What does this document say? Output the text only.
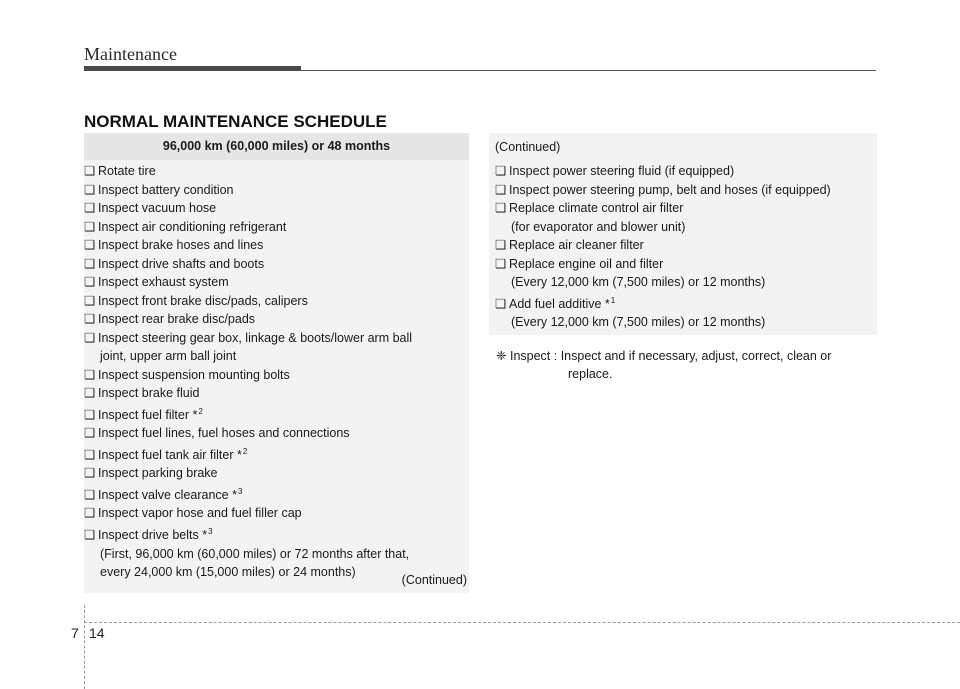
Maintenance
NORMAL MAINTENANCE SCHEDULE
96,000 km (60,000 miles) or 48 months
❑ Rotate tire
❑ Inspect battery condition
❑ Inspect vacuum hose
❑ Inspect air conditioning refrigerant
❑ Inspect brake hoses and lines
❑ Inspect drive shafts and boots
❑ Inspect exhaust system
❑ Inspect front brake disc/pads, calipers
❑ Inspect rear brake disc/pads
❑ Inspect steering gear box, linkage & boots/lower arm ball
joint, upper arm ball joint
❑ Inspect suspension mounting bolts
❑ Inspect brake fluid
❑ Inspect fuel filter *$^2$
❑ Inspect fuel lines, fuel hoses and connections
❑ Inspect fuel tank air filter *$^2$
❑ Inspect parking brake
❑ Inspect valve clearance *$^3$
❑ Inspect vapor hose and fuel filler cap
❑ Inspect drive belts *$^3$
(First, 96,000 km (60,000 miles) or 72 months after that,
every 24,000 km (15,000 miles) or 24 months)
(Continued)
(Continued)
❑ Inspect power steering fluid (if equipped)
❑ Inspect power steering pump, belt and hoses (if equipped)
❑ Replace climate control air filter
(for evaporator and blower unit)
❑ Replace air cleaner filter
❑ Replace engine oil and filter
(Every 12,000 km (7,500 miles) or 12 months)
❑ Add fuel additive *$^1$
(Every 12,000 km (7,500 miles) or 12 months)
❈ Inspect : Inspect and if necessary, adjust, correct, clean or
replace.
7 14
